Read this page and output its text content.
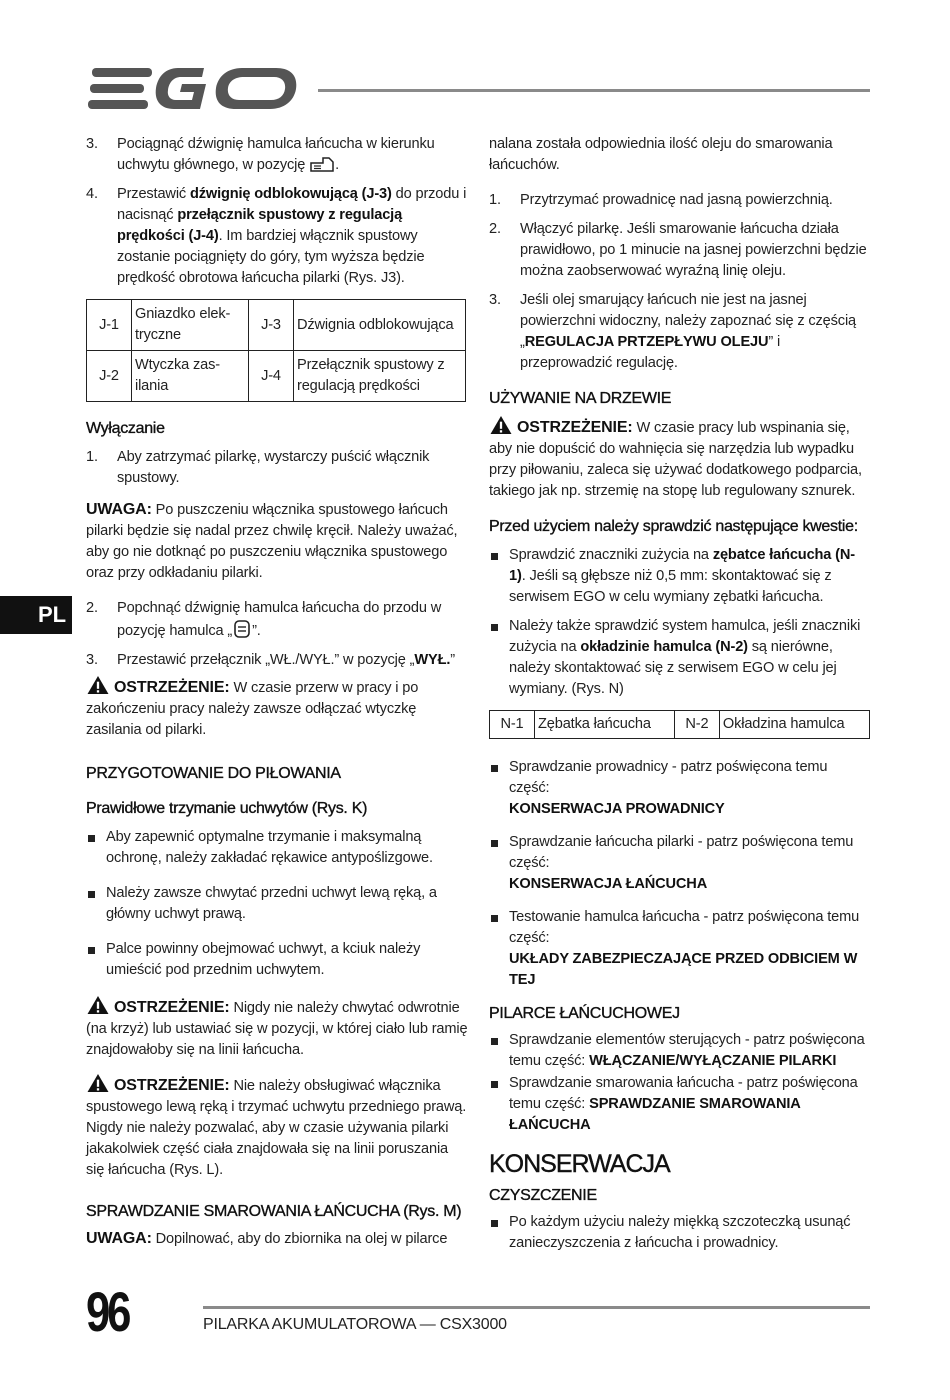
EGO
PL
3. Pociągnąć dźwignię hamulca łańcucha w kierunku uchwytu głównego, w pozycję .
4. Przestawić dźwignię odblokowującą (J-3) do przodu i nacisnąć przełącznik spustowy z regulacją prędkości (J-4). Im bardziej włącznik spustowy zostanie pociągnięty do góry, tym wyższa będzie prędkość obrotowa łańcucha pilarki (Rys. J3).
J-1	Gniazdko elek-tryczne	J-3	Dźwignia odblokowująca
J-2	Wtyczka zas-ilania	J-4	Przełącznik spustowy z regulacją prędkości
Wyłączanie
1. Aby zatrzymać pilarkę, wystarczy puścić włącznik spustowy.

UWAGA: Po puszczeniu włącznika spustowego łańcuch pilarki będzie się nadal przez chwilę kręcił. Należy uważać, aby go nie dotknąć po puszczeniu włącznika spustowego oraz przy odkładaniu pilarki.

2. Popchnąć dźwignię hamulca łańcucha do przodu w pozycję hamulca „ ”.
3. Przestawić przełącznik „WŁ./WYŁ.” w pozycję „WYŁ.”

OSTRZEŻENIE: W czasie przerw w pracy i po zakończeniu pracy należy zawsze odłączać wtyczkę zasilania od pilarki.

PRZYGOTOWANIE DO PIŁOWANIA
Prawidłowe trzymanie uchwytów (Rys. K)
Aby zapewnić optymalne trzymanie i maksymalną ochronę, należy zakładać rękawice antypoślizgowe.
Należy zawsze chwytać przedni uchwyt lewą ręką, a główny uchwyt prawą.
Palce powinny obejmować uchwyt, a kciuk należy umieścić pod przednim uchwytem.

OSTRZEŻENIE: Nigdy nie należy chwytać odwrotnie (na krzyż) lub ustawiać się w pozycji, w której ciało lub ramię znajdowałoby się na linii łańcucha.

OSTRZEŻENIE: Nie należy obsługiwać włącznika spustowego lewą ręką i trzymać uchwytu przedniego prawą. Nigdy nie należy pozwalać, aby w czasie używania pilarki jakakolwiek część ciała znajdowała się na linii poruszania się łańcucha (Rys. L).

SPRAWDZANIE SMAROWANIA ŁAŃCUCHA (Rys. M)

UWAGA: Dopilnować, aby do zbiornika na olej w pilarce

nalana została odpowiednia ilość oleju do smarowania łańcuchów.

1. Przytrzymać prowadnicę nad jasną powierzchnią.
2. Włączyć pilarkę. Jeśli smarowanie łańcucha działa prawidłowo, po 1 minucie na jasnej powierzchni będzie można zaobserwować wyraźną linię oleju.
3. Jeśli olej smarujący łańcuch nie jest na jasnej powierzchni widoczny, należy zapoznać się z częścią „REGULACJA PRTZEPŁYWU OLEJU” i przeprowadzić regulację.
UŻYWANIE NA DRZEWIE

OSTRZEŻENIE: W czasie pracy lub wspinania się, aby nie dopuścić do wahnięcia się narzędzia lub wypadku przy piłowaniu, zaleca się używać dodatkowego podparcia, takiego jak np. strzemię na stopę lub regulowany sznurek.

Przed użyciem należy sprawdzić następujące kwestie:
Sprawdzić znaczniki zużycia na zębatce łańcucha (N-1). Jeśli są głębsze niż 0,5 mm: skontaktować się z serwisem EGO w celu wymiany zębatki łańcucha.
Należy także sprawdzić system hamulca, jeśli znaczniki zużycia na okładzinie hamulca (N-2) są nierówne, należy skontaktować się z serwisem EGO w celu jej wymiany. (Rys. N)
N-1	Zębatka łańcucha	N-2	Okładzina hamulca
Sprawdzanie prowadnicy - patrz poświęcona temu część:
KONSERWACJA PROWADNICY
Sprawdzanie łańcucha pilarki - patrz poświęcona temu część:
KONSERWACJA ŁAŃCUCHA
Testowanie hamulca łańcucha - patrz poświęcona temu część:
UKŁADY ZABEZPIECZAJĄCE PRZED ODBICIEM W TEJ
PILARCE ŁAŃCUCHOWEJ
Sprawdzanie elementów sterujących - patrz poświęcona temu część: WŁĄCZANIE/WYŁĄCZANIE PILARKI
Sprawdzanie smarowania łańcucha - patrz poświęcona temu część: SPRAWDZANIE SMAROWANIA ŁAŃCUCHA
KONSERWACJA
CZYSZCZENIE
Po każdym użyciu należy miękką szczoteczką usunąć zanieczyszczenia z łańcucha i prowadnicy.
96	PILARKA AKUMULATOROWA — CSX3000
